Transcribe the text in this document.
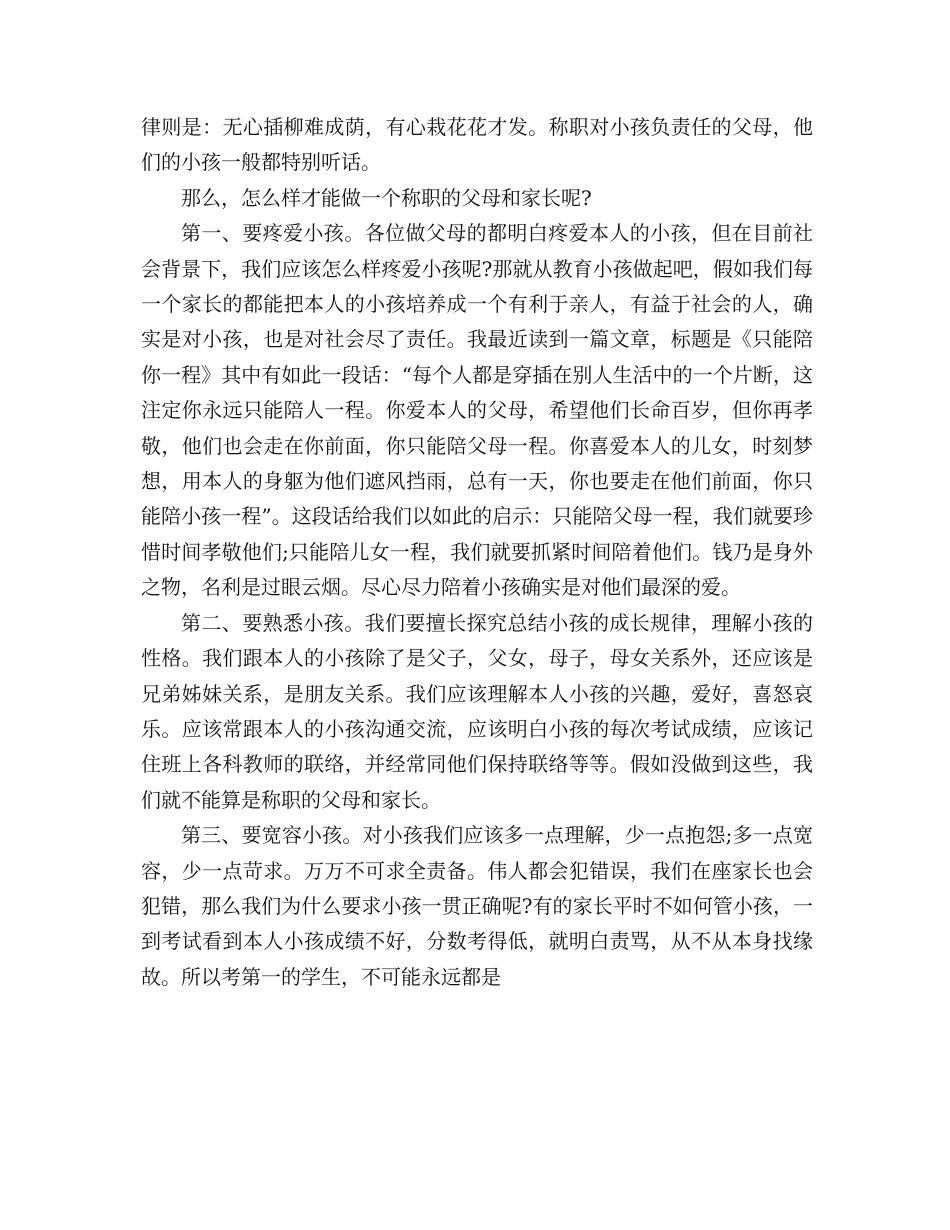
律则是：无心插柳难成荫，有心栽花花才发。称职对小孩负责任的父母，他们的小孩一般都特别听话。

那么，怎么样才能做一个称职的父母和家长呢?

第一、要疼爱小孩。各位做父母的都明白疼爱本人的小孩，但在目前社会背景下，我们应该怎么样疼爱小孩呢?那就从教育小孩做起吧，假如我们每一个家长的都能把本人的小孩培养成一个有利于亲人，有益于社会的人，确实是对小孩，也是对社会尽了责任。我最近读到一篇文章，标题是《只能陪你一程》其中有如此一段话：“每个人都是穿插在别人生活中的一个片断，这注定你永远只能陪人一程。你爱本人的父母，希望他们长命百岁，但你再孝敬，他们也会走在你前面，你只能陪父母一程。你喜爱本人的儿女，时刻梦想，用本人的身躯为他们遮风挡雨，总有一天，你也要走在他们前面，你只能陪小孩一程”。这段话给我们以如此的启示：只能陪父母一程，我们就要珍惜时间孝敬他们;只能陪儿女一程，我们就要抓紧时间陪着他们。钱乃是身外之物，名利是过眼云烟。尽心尽力陪着小孩确实是对他们最深的爱。

第二、要熟悉小孩。我们要擅长探究总结小孩的成长规律，理解小孩的性格。我们跟本人的小孩除了是父子，父女，母子，母女关系外，还应该是兄弟姊妹关系，是朋友关系。我们应该理解本人小孩的兴趣，爱好，喜怒哀乐。应该常跟本人的小孩沟通交流，应该明白小孩的每次考试成绩，应该记住班上各科教师的联络，并经常同他们保持联络等等。假如没做到这些，我们就不能算是称职的父母和家长。

第三、要宽容小孩。对小孩我们应该多一点理解，少一点抱怨;多一点宽容，少一点苛求。万万不可求全责备。伟人都会犯错误，我们在座家长也会犯错，那么我们为什么要求小孩一贯正确呢?有的家长平时不如何管小孩，一到考试看到本人小孩成绩不好，分数考得低，就明白责骂，从不从本身找缘故。所以考第一的学生，不可能永远都是
